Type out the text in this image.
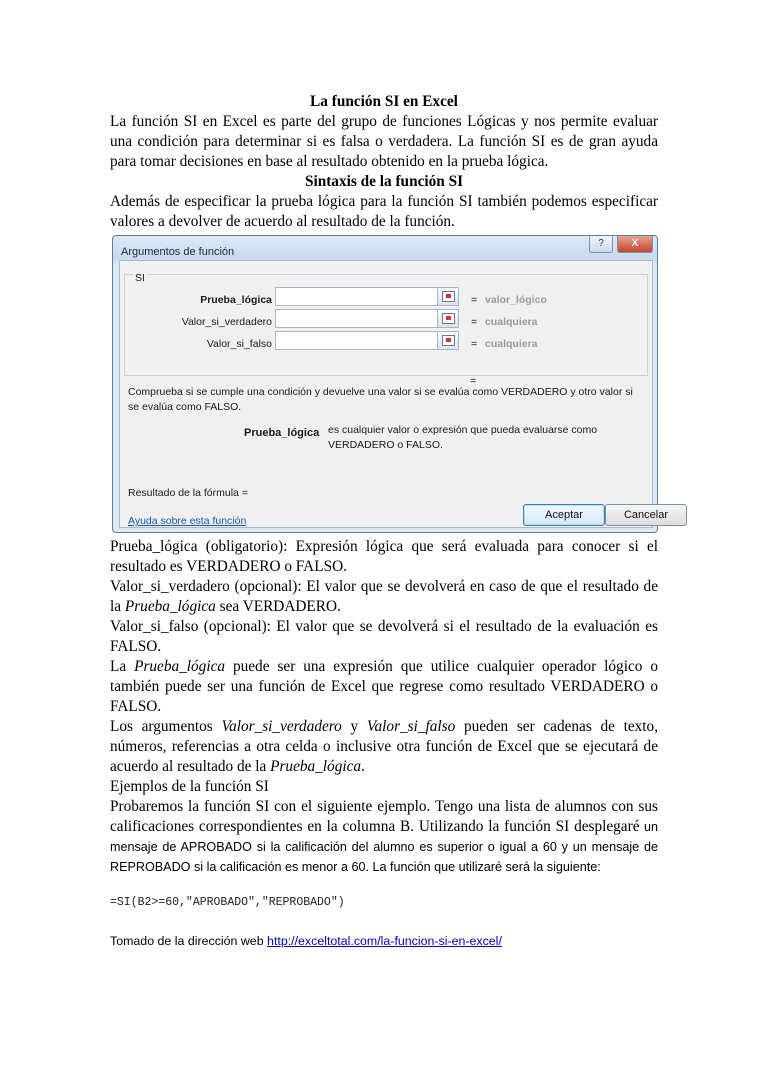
La función SI en Excel

La función SI en Excel es parte del grupo de funciones Lógicas y nos permite evaluar una condición para determinar si es falsa o verdadera. La función SI es de gran ayuda para tomar decisiones en base al resultado obtenido en la prueba lógica.

Sintaxis de la función SI

Además de especificar la prueba lógica para la función SI también podemos especificar valores a devolver de acuerdo al resultado de la función.

Argumentos de función
?	X
SI
Prueba_lógica	= valor_lógico
Valor_si_verdadero	= cualquiera
Valor_si_falso	= cualquiera
=
Comprueba si se cumple una condición y devuelve una valor si se evalúa como VERDADERO y otro valor si se evalúa como FALSO.
Prueba_lógica es cualquier valor o expresión que pueda evaluarse como VERDADERO o FALSO.
Resultado de la fórmula =
Ayuda sobre esta función	Aceptar	Cancelar

Prueba_lógica (obligatorio): Expresión lógica que será evaluada para conocer si el resultado es VERDADERO o FALSO.

Valor_si_verdadero (opcional): El valor que se devolverá en caso de que el resultado de la Prueba_lógica sea VERDADERO.

Valor_si_falso (opcional): El valor que se devolverá si el resultado de la evaluación es FALSO.

La Prueba_lógica puede ser una expresión que utilice cualquier operador lógico o también puede ser una función de Excel que regrese como resultado VERDADERO o FALSO.

Los argumentos Valor_si_verdadero y Valor_si_falso pueden ser cadenas de texto, números, referencias a otra celda o inclusive otra función de Excel que se ejecutará de acuerdo al resultado de la Prueba_lógica.

Ejemplos de la función SI

Probaremos la función SI con el siguiente ejemplo. Tengo una lista de alumnos con sus calificaciones correspondientes en la columna B. Utilizando la función SI desplegaré un mensaje de APROBADO si la calificación del alumno es superior o igual a 60 y un mensaje de REPROBADO si la calificación es menor a 60. La función que utilizaré será la siguiente:

=SI(B2>=60,"APROBADO","REPROBADO")

Tomado de la dirección web http://exceltotal.com/la-funcion-si-en-excel/
